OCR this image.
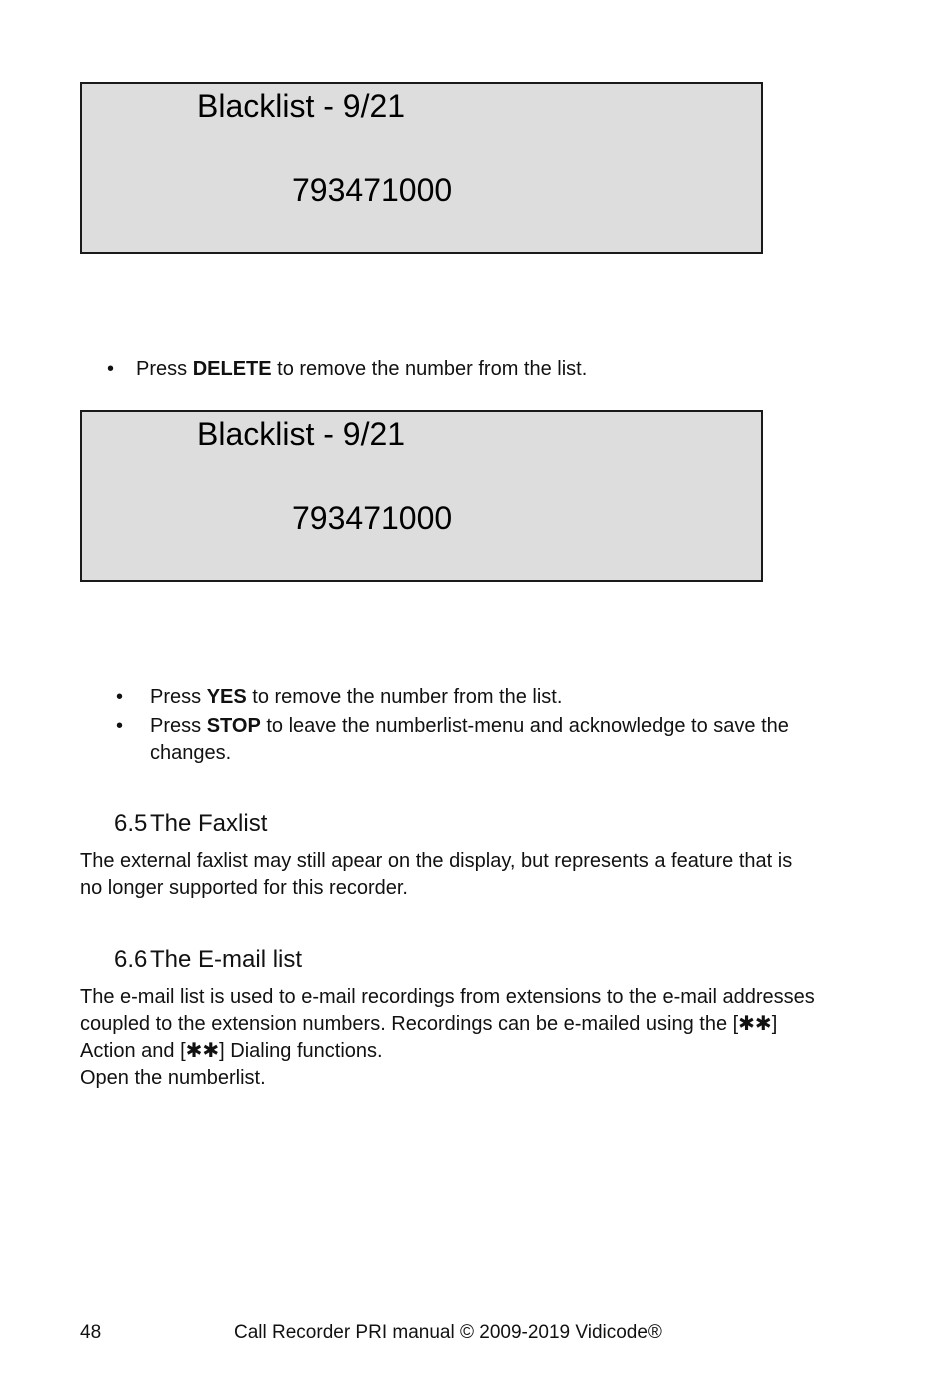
Blacklist - 9/21
793471000
• Press DELETE to remove the number from the list.
Blacklist - 9/21
793471000
• Press YES to remove the number from the list.
• Press STOP to leave the numberlist-menu and acknowledge to save the
changes.
6.5 The Faxlist
The external faxlist may still apear on the display, but represents a feature that is
no longer supported for this recorder.
6.6 The E-mail list
The e-mail list is used to e-mail recordings from extensions to the e-mail addresses
coupled to the extension numbers. Recordings can be e-mailed using the [✱✱]
Action and [✱✱] Dialing functions.
Open the numberlist.
48	Call Recorder PRI manual © 2009-2019 Vidicode®
